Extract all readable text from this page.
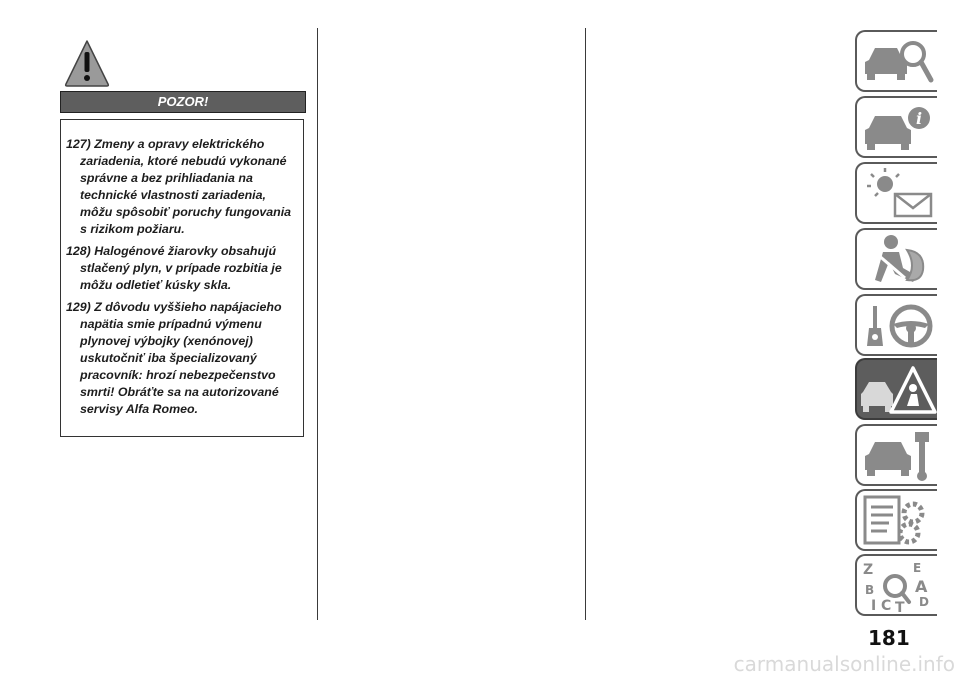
POZOR!

127) Zmeny a opravy elektrického zariadenia, ktoré nebudú vykonané správne a bez prihliadania na technické vlastnosti zariadenia, môžu spôsobiť poruchy fungovania s rizikom požiaru.

128) Halogénové žiarovky obsahujú stlačený plyn, v prípade rozbitia je môžu odletieť kúsky skla.

129) Z dôvodu vyššieho napájacieho napätia smie prípadnú výmenu plynovej výbojky (xenónovej) uskutočniť iba špecializovaný pracovník: hrozí nebezpečenstvo smrti! Obráťte sa na autorizované servisy Alfa Romeo.

i
Z	E
B	A
I C T D
181
carmanualsonline.info
